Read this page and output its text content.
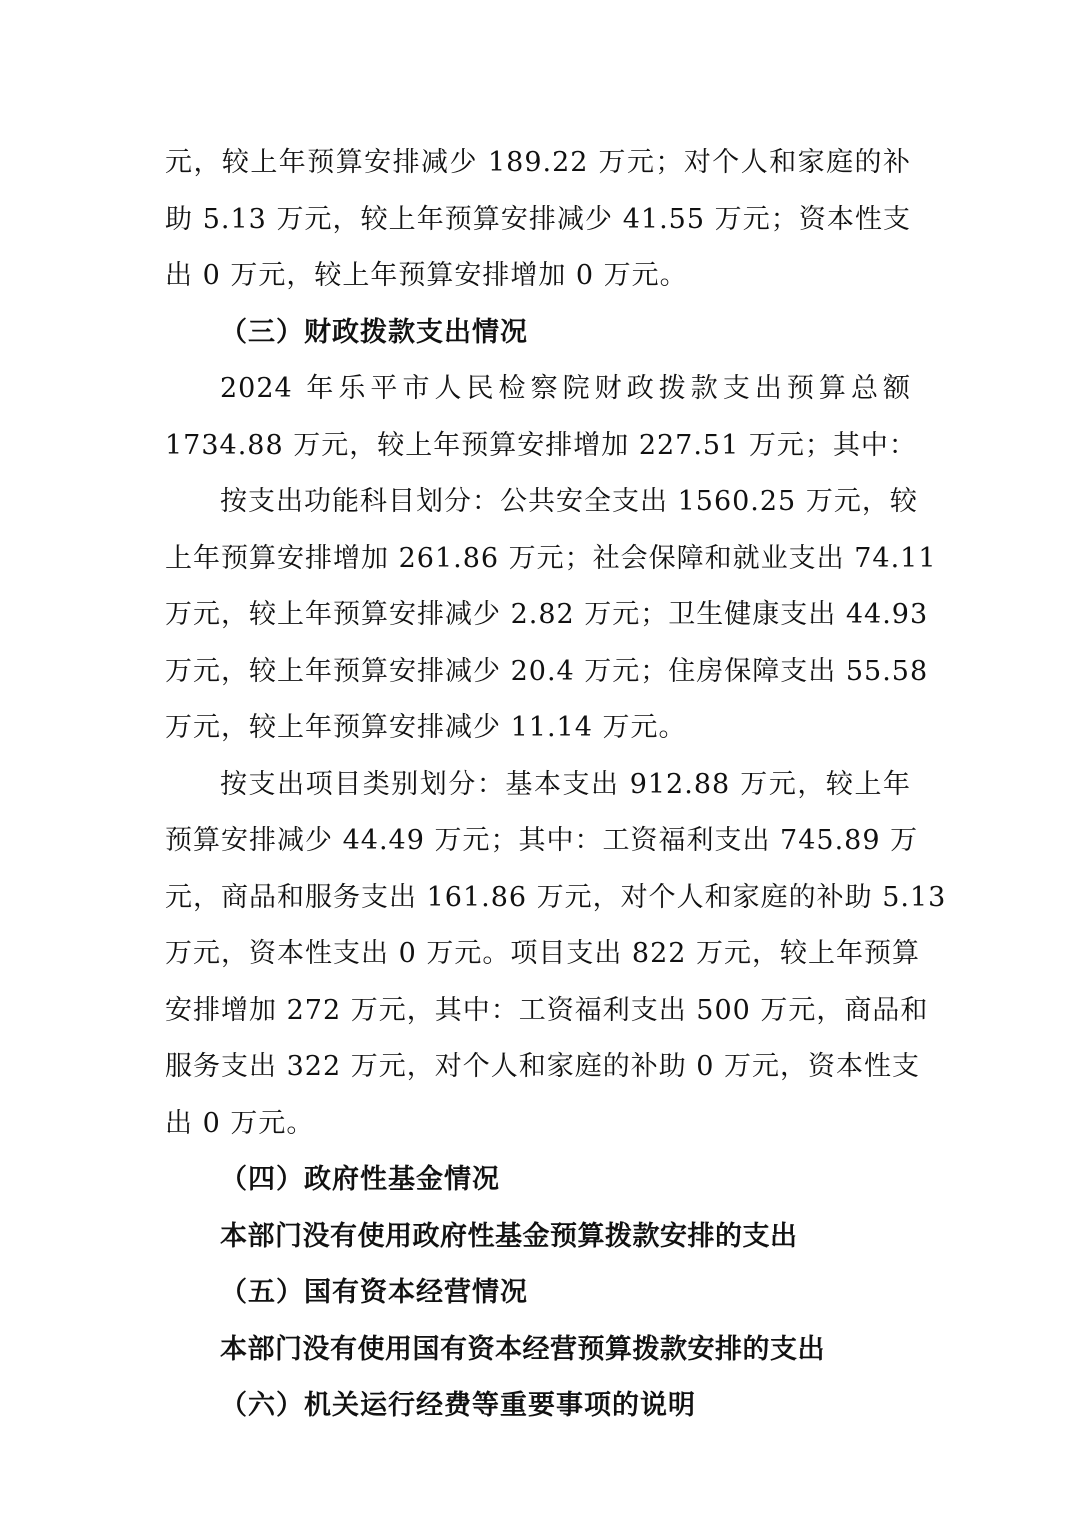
元，较上年预算安排减少 189.22 万元；对个人和家庭的补
助 5.13 万元，较上年预算安排减少 41.55 万元；资本性支
出 0 万元，较上年预算安排增加 0 万元。
（三）财政拨款支出情况
2024 年乐平市人民检察院财政拨款支出预算总额
1734.88 万元，较上年预算安排增加 227.51 万元；其中：
按支出功能科目划分：公共安全支出 1560.25 万元，较
上年预算安排增加 261.86 万元；社会保障和就业支出 74.11
万元，较上年预算安排减少 2.82 万元；卫生健康支出 44.93
万元，较上年预算安排减少 20.4 万元；住房保障支出 55.58
万元，较上年预算安排减少 11.14 万元。
按支出项目类别划分：基本支出 912.88 万元，较上年
预算安排减少 44.49 万元；其中：工资福利支出 745.89 万
元，商品和服务支出 161.86 万元，对个人和家庭的补助 5.13
万元，资本性支出 0 万元。项目支出 822 万元，较上年预算
安排增加 272 万元，其中：工资福利支出 500 万元，商品和
服务支出 322 万元，对个人和家庭的补助 0 万元，资本性支
出 0 万元。
（四）政府性基金情况
本部门没有使用政府性基金预算拨款安排的支出
（五）国有资本经营情况
本部门没有使用国有资本经营预算拨款安排的支出
（六）机关运行经费等重要事项的说明
